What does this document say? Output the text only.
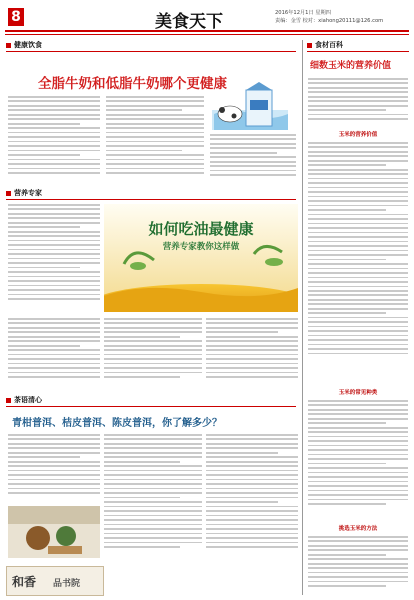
8	美食天下	2016年12月1日 星期四
责编：金雪 校对：xiahong20111@126.com
健康饮食
全脂牛奶和低脂牛奶哪个更健康
营养专家
如何吃油最健康
营养专家教你这样做
茶语清心
青柑普洱、桔皮普洱、陈皮普洱，你了解多少？
和香 品书院
食材百科
细数玉米的营养价值
玉米的营养价值
玉米的常见种类
挑选玉米的方法
